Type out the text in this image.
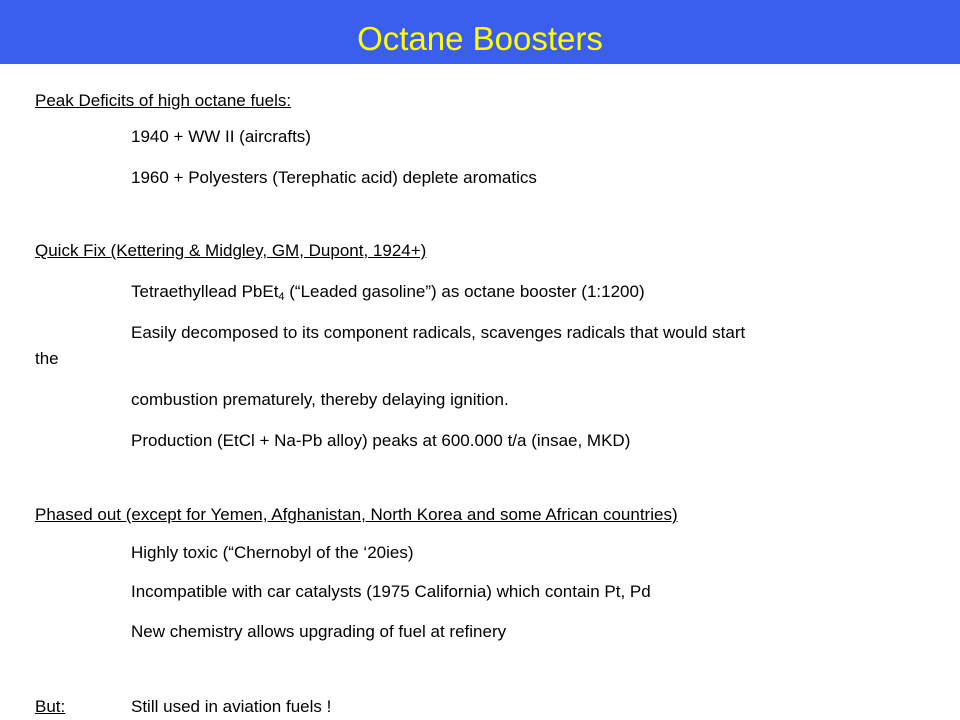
Octane Boosters
Peak Deficits of high octane fuels:
1940 + WW II (aircrafts)
1960 + Polyesters (Terephatic acid) deplete aromatics
Quick Fix (Kettering & Midgley, GM, Dupont, 1924+)
Tetraethyllead PbEt$_4$ (“Leaded gasoline”) as octane booster (1:1200)
Easily decomposed to its component radicals, scavenges radicals that would start
the
combustion prematurely, thereby delaying ignition.
Production (EtCl + Na-Pb alloy) peaks at 600.000 t/a (insae, MKD)
Phased out (except for Yemen, Afghanistan, North Korea and some African countries)
Highly toxic (“Chernobyl of the ‘20ies)
Incompatible with car catalysts (1975 California) which contain Pt, Pd
New chemistry allows upgrading of fuel at refinery
But:	Still used in aviation fuels !
